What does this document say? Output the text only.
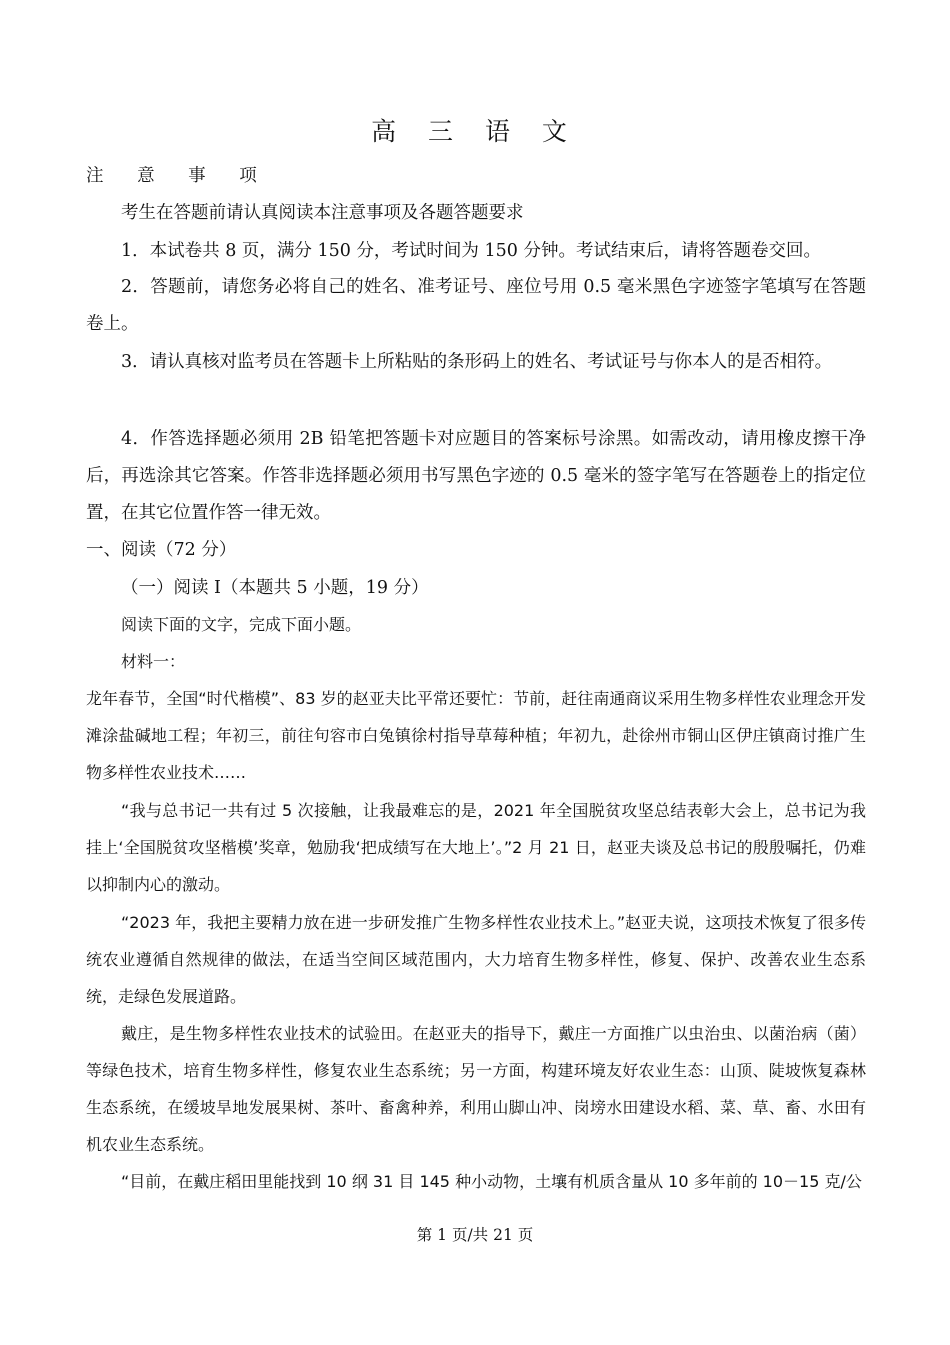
高 三 语 文
注 意 事 项
考生在答题前请认真阅读本注意事项及各题答题要求
1．本试卷共 8 页，满分 150 分，考试时间为 150 分钟。考试结束后，请将答题卷交回。
2．答题前，请您务必将自己的姓名、准考证号、座位号用 0.5 毫米黑色字迹签字笔填写在答题卷上。
3．请认真核对监考员在答题卡上所粘贴的条形码上的姓名、考试证号与你本人的是否相符。
4．作答选择题必须用 2B 铅笔把答题卡对应题目的答案标号涂黑。如需改动，请用橡皮擦干净后，再选涂其它答案。作答非选择题必须用书写黑色字迹的 0.5 毫米的签字笔写在答题卷上的指定位置，在其它位置作答一律无效。
一、阅读（72 分）
（一）阅读 I（本题共 5 小题，19 分）
阅读下面的文字，完成下面小题。
材料一：
龙年春节，全国“时代楷模”、83 岁的赵亚夫比平常还要忙：节前，赶往南通商议采用生物多样性农业理念开发滩涂盐碱地工程；年初三，前往句容市白兔镇徐村指导草莓种植；年初九，赴徐州市铜山区伊庄镇商讨推广生物多样性农业技术……
“我与总书记一共有过 5 次接触，让我最难忘的是，2021 年全国脱贫攻坚总结表彰大会上，总书记为我挂上‘全国脱贫攻坚楷模’奖章，勉励我‘把成绩写在大地上’。”2 月 21 日，赵亚夫谈及总书记的殷殷嘱托，仍难以抑制内心的激动。
“2023 年，我把主要精力放在进一步研发推广生物多样性农业技术上。”赵亚夫说，这项技术恢复了很多传统农业遵循自然规律的做法，在适当空间区域范围内，大力培育生物多样性，修复、保护、改善农业生态系统，走绿色发展道路。
戴庄，是生物多样性农业技术的试验田。在赵亚夫的指导下，戴庄一方面推广以虫治虫、以菌治病（菌）等绿色技术，培育生物多样性，修复农业生态系统；另一方面，构建环境友好农业生态：山顶、陡坡恢复森林生态系统，在缓坡旱地发展果树、茶叶、畜禽种养，利用山脚山冲、岗塝水田建设水稻、菜、草、畜、水田有机农业生态系统。
“目前，在戴庄稻田里能找到 10 纲 31 目 145 种小动物，土壤有机质含量从 10 多年前的 10－15 克/公
第 1 页/共 21 页
